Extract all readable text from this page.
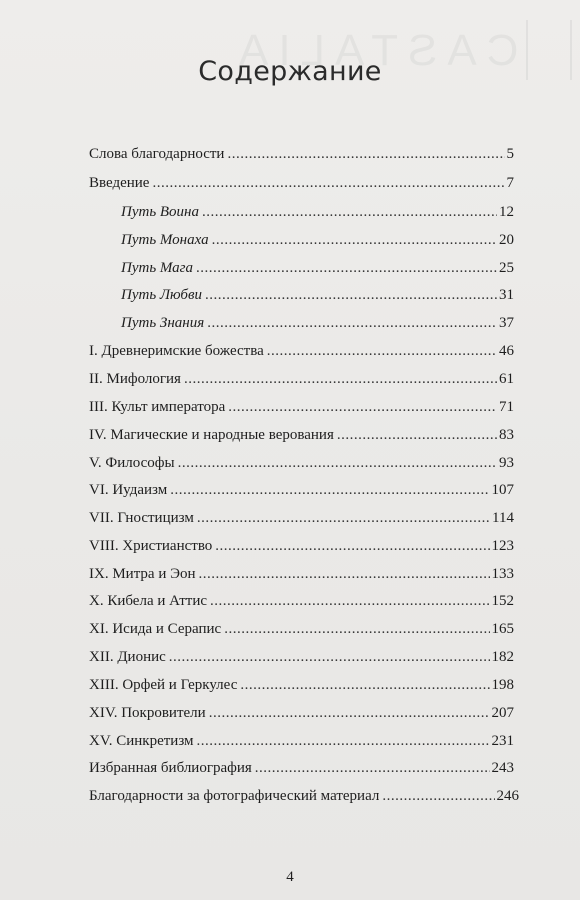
Содержание
Слова благодарности .....	5
Введение .....	7
Путь Воина .....	12
Путь Монаха .....	20
Путь Мага .....	25
Путь Любви .....	31
Путь Знания .....	37
I. Древнеримские божества .....	46
II. Мифология .....	61
III. Культ императора .....	71
IV. Магические и народные верования .....	83
V. Философы .....	93
VI. Иудаизм .....	107
VII. Гностицизм .....	114
VIII. Христианство .....	123
IX. Митра и Эон .....	133
X. Кибела и Аттис .....	152
XI. Исида и Серапис .....	165
XII. Дионис .....	182
XIII. Орфей и Геркулес .....	198
XIV. Покровители .....	207
XV. Синкретизм .....	231
Избранная библиография .....	243
Благодарности за фотографический материал .....	246
4
